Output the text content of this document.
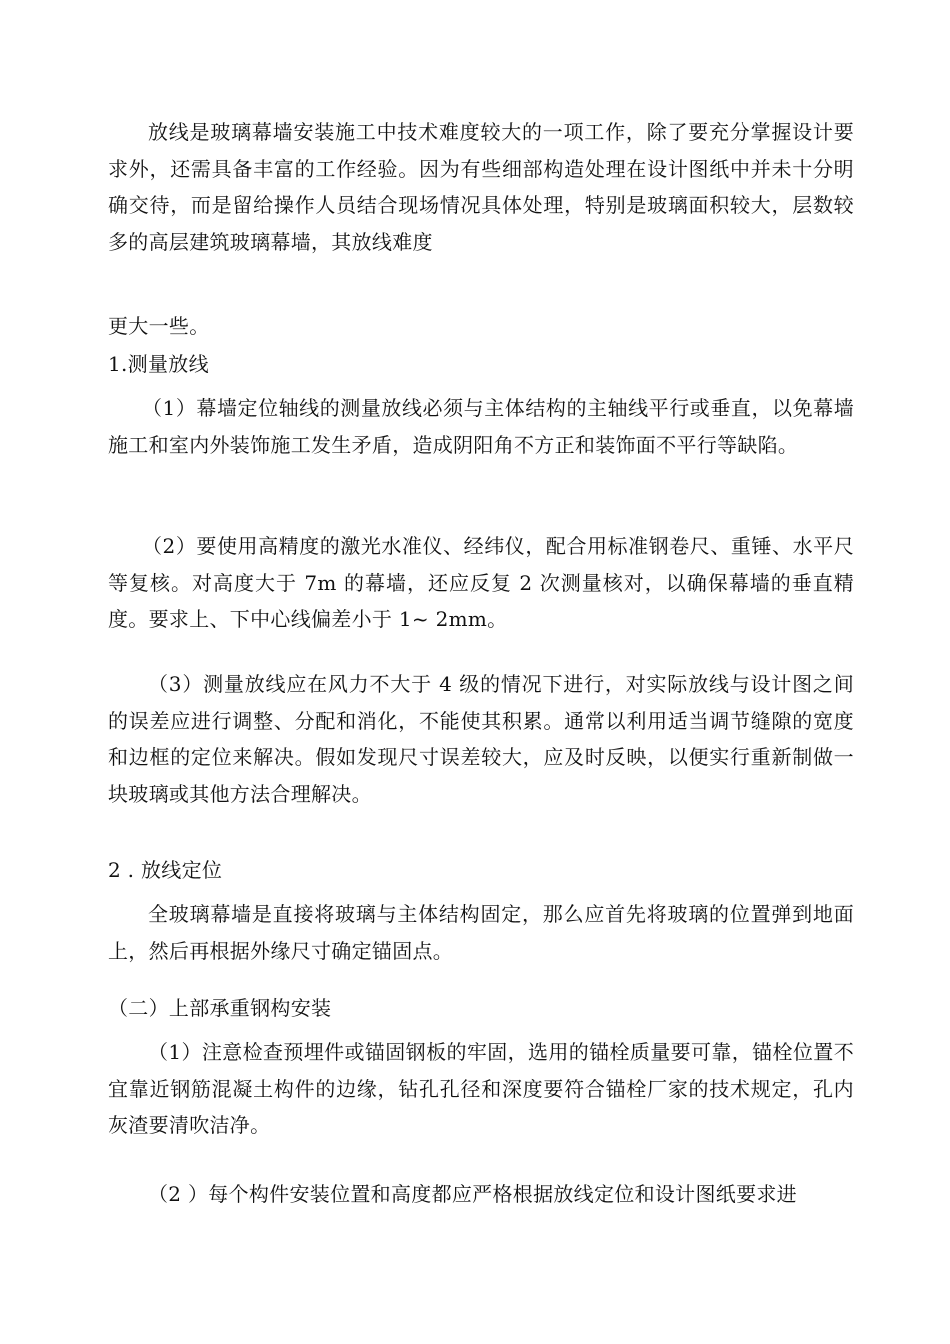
放线是玻璃幕墙安装施工中技术难度较大的一项工作，除了要充分掌握设计要求外，还需具备丰富的工作经验。因为有些细部构造处理在设计图纸中并未十分明确交待，而是留给操作人员结合现场情况具体处理，特别是玻璃面积较大，层数较多的高层建筑玻璃幕墙，其放线难度

更大一些。
1.测量放线

（1）幕墙定位轴线的测量放线必须与主体结构的主轴线平行或垂直，以免幕墙施工和室内外装饰施工发生矛盾，造成阴阳角不方正和装饰面不平行等缺陷。

（2）要使用高精度的激光水准仪、经纬仪，配合用标准钢卷尺、重锤、水平尺等复核。对高度大于 7m 的幕墙，还应反复 2 次测量核对，以确保幕墙的垂直精度。要求上、下中心线偏差小于 1~ 2mm。

（3）测量放线应在风力不大于 4 级的情况下进行，对实际放线与设计图之间的误差应进行调整、分配和消化，不能使其积累。通常以利用适当调节缝隙的宽度和边框的定位来解决。假如发现尺寸误差较大，应及时反映，以便实行重新制做一块玻璃或其他方法合理解决。

2 . 放线定位

全玻璃幕墙是直接将玻璃与主体结构固定，那么应首先将玻璃的位置弹到地面上，然后再根据外缘尺寸确定锚固点。

（二）上部承重钢构安装

（1）注意检查预埋件或锚固钢板的牢固，选用的锚栓质量要可靠，锚栓位置不宜靠近钢筋混凝土构件的边缘，钻孔孔径和深度要符合锚栓厂家的技术规定，孔内灰渣要清吹洁净。

（2 ）每个构件安装位置和高度都应严格根据放线定位和设计图纸要求进
